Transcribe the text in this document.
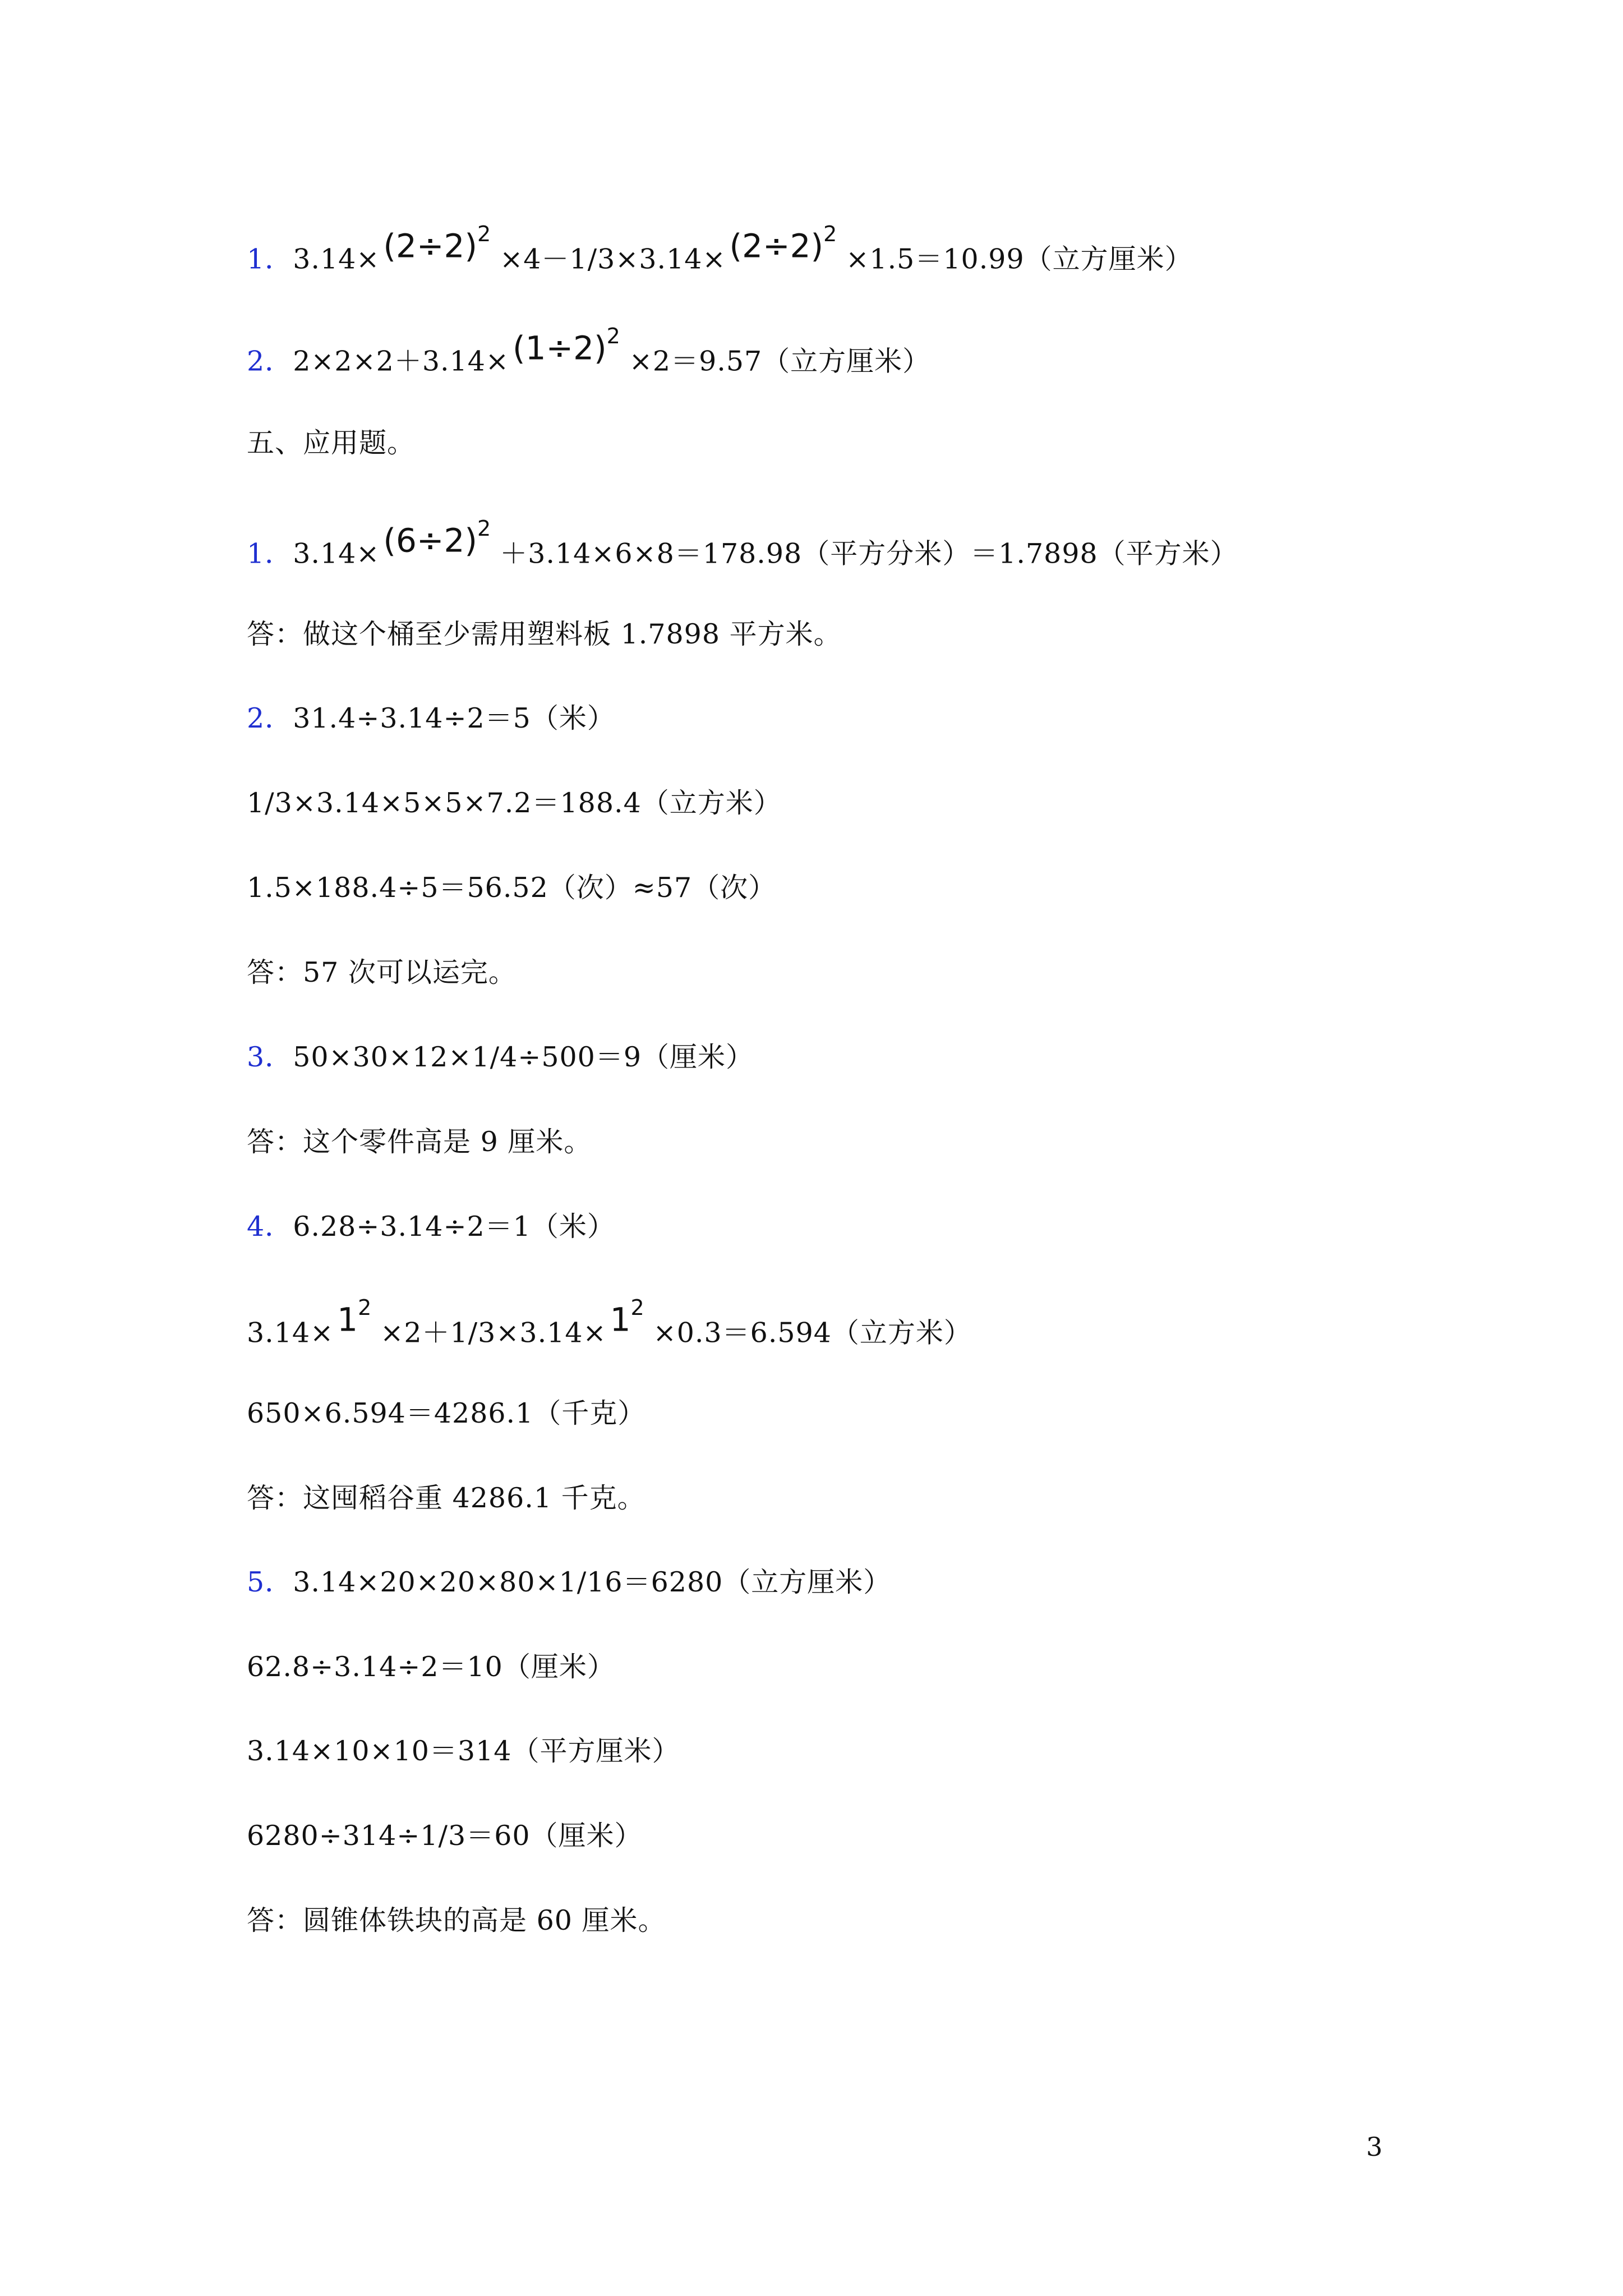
1．$3.14\times (2\div 2)^2\times 4-1/3\times 3.14\times (2\div 2)^2\times 1.5=10.99$（立方厘米）
2．$2\times 2\times 2+3.14\times (1\div 2)^2\times 2=9.57$（立方厘米）
五、应用题。
1．$3.14\times (6\div 2)^2+3.14\times 6\times 8=178.98$（平方分米）＝1.7898（平方米）
答：做这个桶至少需用塑料板 1.7898 平方米。
2．31.4÷3.14÷2＝5（米）
1/3×3.14×5×5×7.2＝188.4（立方米）
1.5×188.4÷5＝56.52（次）≈57（次）
答：57 次可以运完。
3．50×30×12×1/4÷500＝9（厘米）
答：这个零件高是 9 厘米。
4．6.28÷3.14÷2＝1（米）
$3.14\times 1^2\times 2+1/3\times 3.14\times 1^2\times 0.3=6.594$（立方米）
650×6.594＝4286.1（千克）
答：这囤稻谷重 4286.1 千克。
5．3.14×20×20×80×1/16＝6280（立方厘米）
62.8÷3.14÷2＝10（厘米）
3.14×10×10＝314（平方厘米）
6280÷314÷1/3＝60（厘米）
答：圆锥体铁块的高是 60 厘米。
3
